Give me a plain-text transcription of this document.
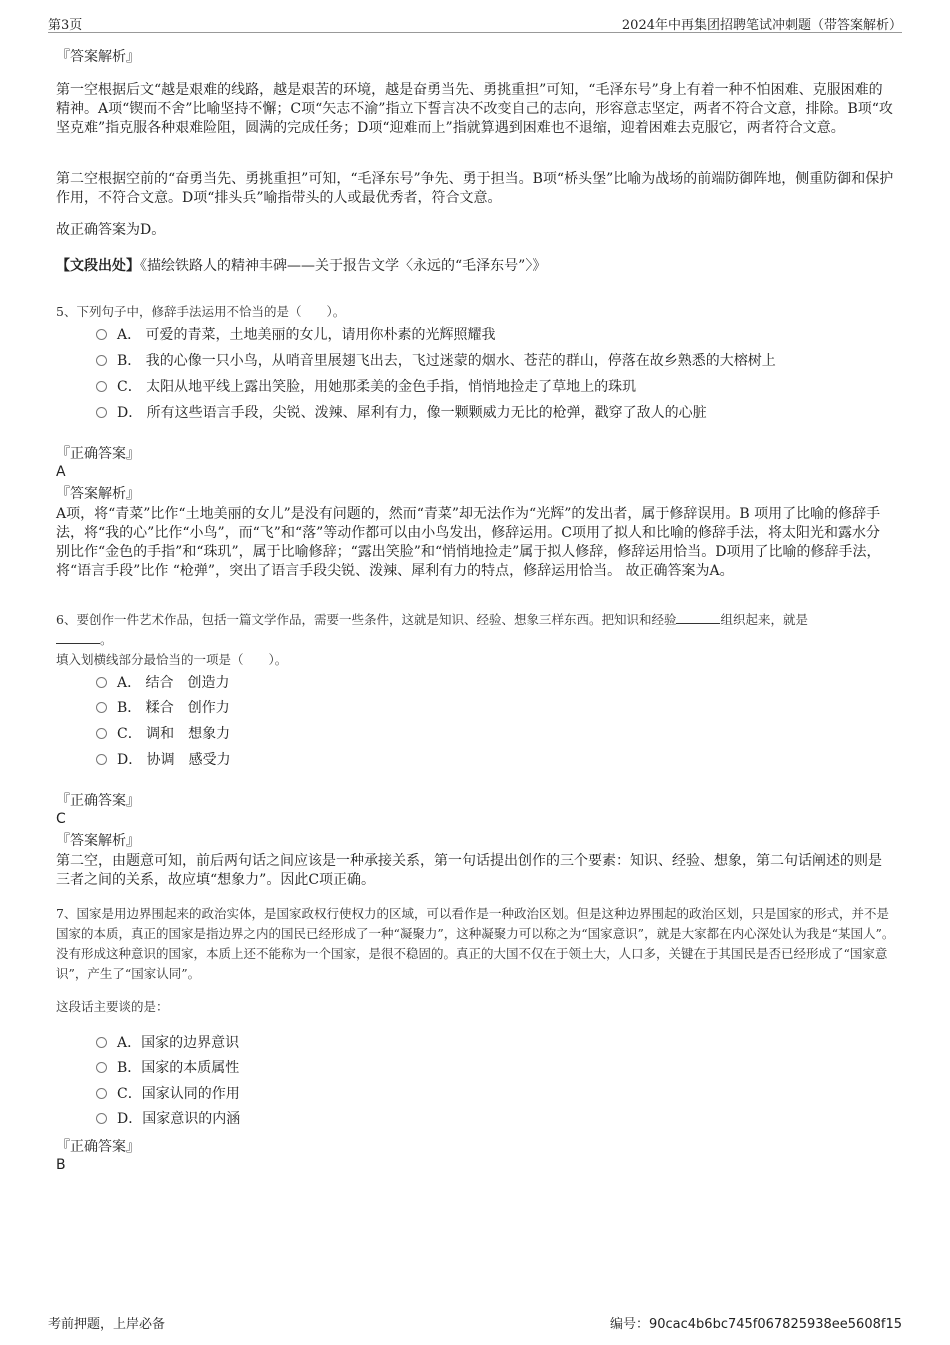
第3页	2024年中再集团招聘笔试冲刺题（带答案解析）
『答案解析』
第一空根据后文“越是艰难的线路，越是艰苦的环境，越是奋勇当先、勇挑重担”可知，“毛泽东号”身上有着一种不怕困难、克服困难的精神。A项“锲而不舍”比喻坚持不懈；C项“矢志不渝”指立下誓言决不改变自己的志向，形容意志坚定，两者不符合文意，排除。B项“攻坚克难”指克服各种艰难险阻，圆满的完成任务；D项“迎难而上”指就算遇到困难也不退缩，迎着困难去克服它，两者符合文意。
第二空根据空前的“奋勇当先、勇挑重担”可知，“毛泽东号”争先、勇于担当。B项“桥头堡”比喻为战场的前端防御阵地，侧重防御和保护作用，不符合文意。D项“排头兵”喻指带头的人或最优秀者，符合文意。
故正确答案为D。
【文段出处】《描绘铁路人的精神丰碑——关于报告文学〈永远的“毛泽东号”〉》
5、下列句子中，修辞手法运用不恰当的是（　　）。
A． 可爱的青菜，土地美丽的女儿，请用你朴素的光辉照耀我
B． 我的心像一只小鸟，从哨音里展翅飞出去，飞过迷蒙的烟水、苍茫的群山，停落在故乡熟悉的大榕树上
C． 太阳从地平线上露出笑脸，用她那柔美的金色手指，悄悄地捡走了草地上的珠玑
D． 所有这些语言手段，尖锐、泼辣、犀利有力，像一颗颗威力无比的枪弹，戳穿了敌人的心脏
『正确答案』
A
『答案解析』
A项，将“青菜”比作“土地美丽的女儿”是没有问题的，然而“青菜”却无法作为“光辉”的发出者，属于修辞误用。B 项用了比喻的修辞手法，将“我的心”比作“小鸟”，而“飞”和“落”等动作都可以由小鸟发出，修辞运用。C项用了拟人和比喻的修辞手法，将太阳光和露水分 别比作“金色的手指”和“珠玑”，属于比喻修辞；“露出笑脸”和“悄悄地捡走”属于拟人修辞，修辞运用恰当。D项用了比喻的修辞手法，将“语言手段”比作 “枪弹”，突出了语言手段尖锐、泼辣、犀利有力的特点，修辞运用恰当。 故正确答案为A。
6、要创作一件艺术作品，包括一篇文学作品，需要一些条件，这就是知识、经验、想象三样东西。把知识和经验	组织起来，就是
。
填入划横线部分最恰当的一项是（　　）。
A． 结合　创造力
B． 糅合　创作力
C． 调和　想象力
D． 协调　感受力
『正确答案』
C
『答案解析』
第二空，由题意可知，前后两句话之间应该是一种承接关系，第一句话提出创作的三个要素：知识、经验、想象，第二句话阐述的则是三者之间的关系，故应填“想象力”。因此C项正确。
7、国家是用边界围起来的政治实体，是国家政权行使权力的区域，可以看作是一种政治区划。但是这种边界围起的政治区划，只是国家的形式，并不是国家的本质，真正的国家是指边界之内的国民已经形成了一种“凝聚力”，这种凝聚力可以称之为“国家意识”，就是大家都在内心深处认为我是“某国人”。没有形成这种意识的国家，本质上还不能称为一个国家，是很不稳固的。真正的大国不仅在于领土大，人口多，关键在于其国民是否已经形成了“国家意识”，产生了“国家认同”。
这段话主要谈的是：
A．国家的边界意识
B．国家的本质属性
C．国家认同的作用
D．国家意识的内涵
『正确答案』
B
考前押题，上岸必备	编号：90cac4b6bc745f067825938ee5608f15
